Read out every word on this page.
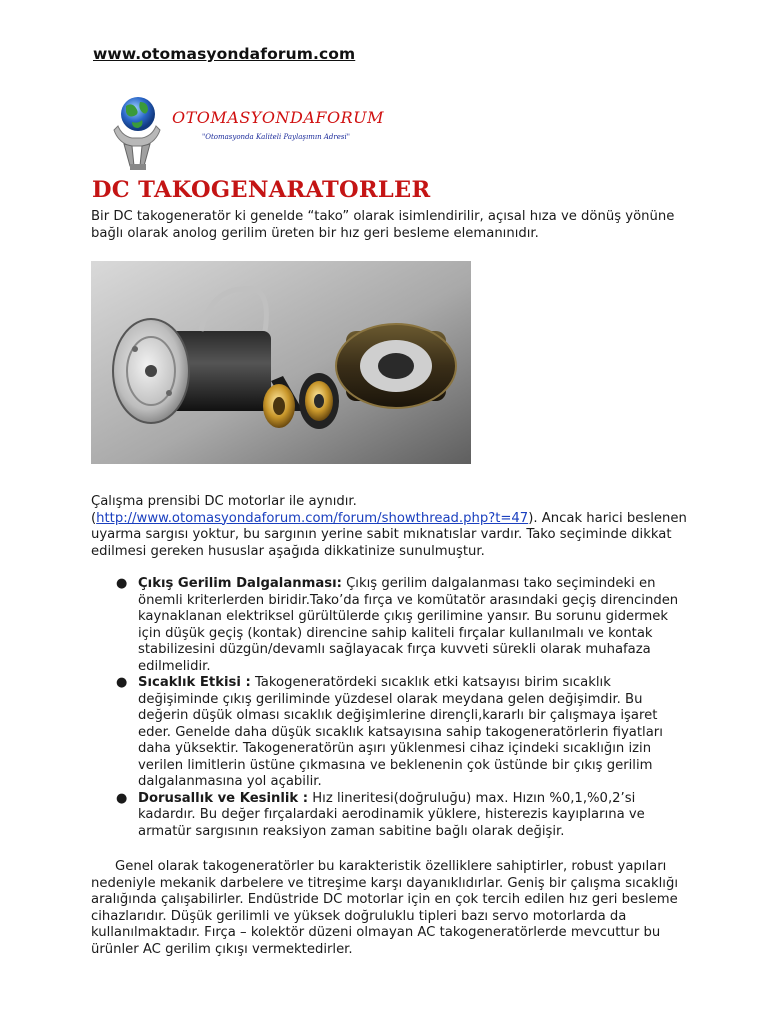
www.otomasyondaforum.com
OTOMASYONDAFORUM
"Otomasyonda Kaliteli Paylaşımın Adresi"
DC TAKOGENARATORLER
Bir DC takogeneratör ki genelde “tako” olarak isimlendirilir, açısal hıza ve dönüş yönüne bağlı olarak anolog gerilim üreten bir hız geri besleme elemanınıdır.
Çalışma prensibi DC motorlar ile aynıdır. (http://www.otomasyondaforum.com/forum/showthread.php?t=47). Ancak harici beslenen uyarma sargısı yoktur, bu sargının yerine sabit mıknatıslar vardır. Tako seçiminde dikkat edilmesi gereken hususlar aşağıda dikkatinize sunulmuştur.
● Çıkış Gerilim Dalgalanması: Çıkış gerilim dalgalanması tako seçimindeki en önemli kriterlerden biridir.Tako’da fırça ve komütatör arasındaki geçiş direncinden kaynaklanan elektriksel gürültülerde çıkış gerilimine yansır. Bu sorunu gidermek için düşük geçiş (kontak) direncine sahip kaliteli fırçalar kullanılmalı ve kontak stabilizesini düzgün/devamlı sağlayacak fırça kuvveti sürekli olarak muhafaza edilmelidir.
● Sıcaklık Etkisi : Takogeneratördeki sıcaklık etki katsayısı birim sıcaklık değişiminde çıkış geriliminde yüzdesel olarak meydana gelen değişimdir. Bu değerin düşük olması sıcaklık değişimlerine dirençli,kararlı bir çalışmaya işaret eder. Genelde daha düşük sıcaklık katsayısına sahip takogeneratörlerin fiyatları daha yüksektir. Takogeneratörün aşırı yüklenmesi cihaz içindeki sıcaklığın izin verilen limitlerin üstüne çıkmasına ve beklenenin çok üstünde bir çıkış gerilim dalgalanmasına yol açabilir.
● Dorusallık ve Kesinlik : Hız lineritesi(doğruluğu) max. Hızın %0,1,%0,2’si kadardır. Bu değer fırçalardaki aerodinamik yüklere, histerezis kayıplarına ve armatür sargısının reaksiyon zaman sabitine bağlı olarak değişir.
Genel olarak takogeneratörler bu karakteristik özelliklere sahiptirler, robust yapıları nedeniyle mekanik darbelere ve titreşime karşı dayanıklıdırlar. Geniş bir çalışma sıcaklığı aralığında çalışabilirler. Endüstride DC motorlar için en çok tercih edilen hız geri besleme cihazlarıdır. Düşük gerilimli ve yüksek doğruluklu tipleri bazı servo motorlarda da kullanılmaktadır. Fırça – kolektör düzeni olmayan AC takogeneratörlerde mevcuttur bu ürünler AC gerilim çıkışı vermektedirler.
